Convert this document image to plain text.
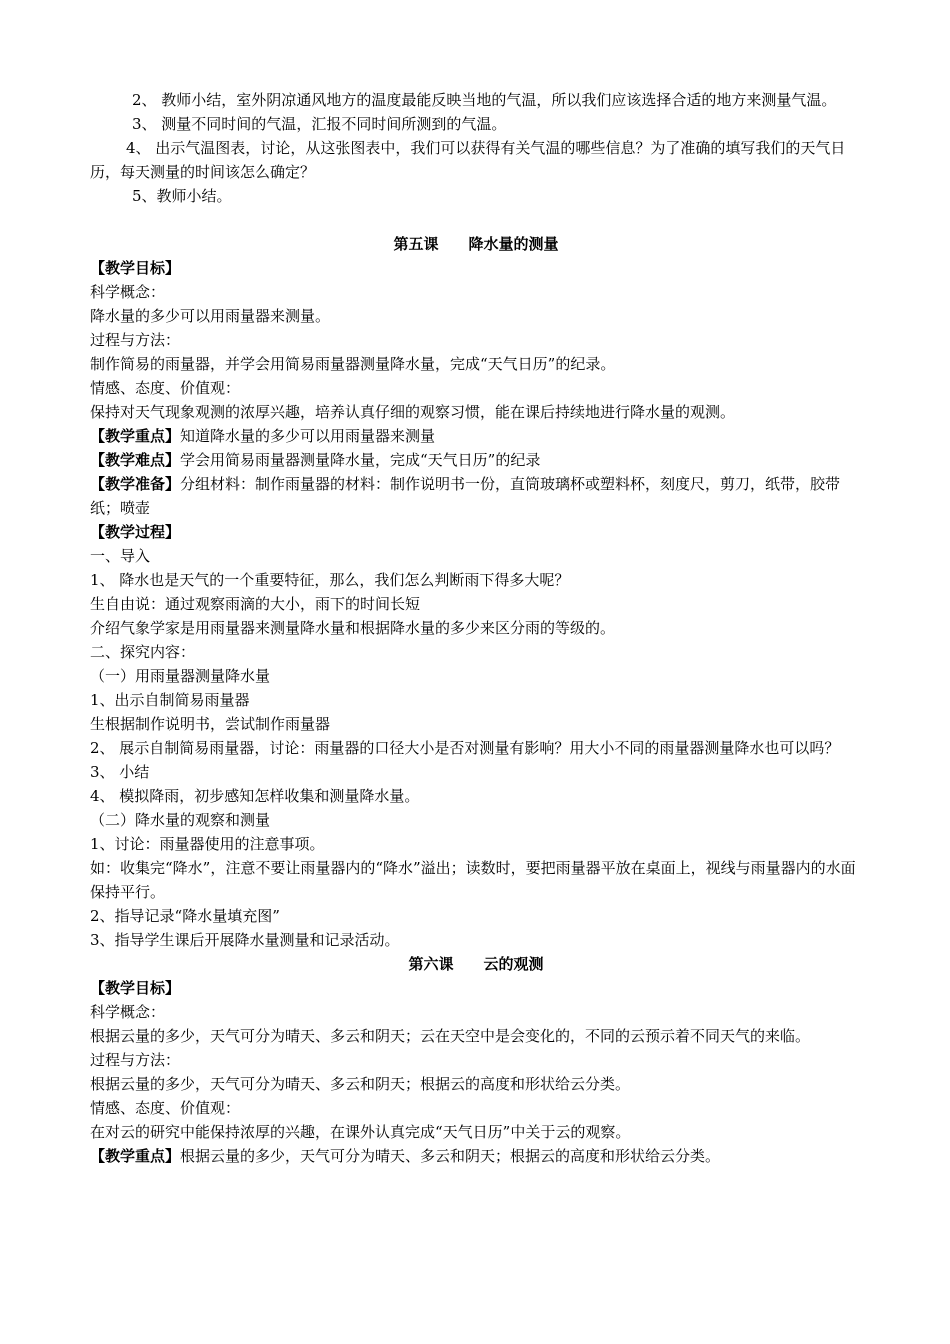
2、 教师小结，室外阴凉通风地方的温度最能反映当地的气温，所以我们应该选择合适的地方来测量气温。

3、 测量不同时间的气温，汇报不同时间所测到的气温。

4、 出示气温图表，讨论，从这张图表中，我们可以获得有关气温的哪些信息？为了准确的填写我们的天气日历，每天测量的时间该怎么确定？

5、教师小结。

第五课　　降水量的测量

【教学目标】

科学概念：

降水量的多少可以用雨量器来测量。

过程与方法：

制作简易的雨量器，并学会用简易雨量器测量降水量，完成“天气日历”的纪录。

情感、态度、价值观：

保持对天气现象观测的浓厚兴趣，培养认真仔细的观察习惯，能在课后持续地进行降水量的观测。

【教学重点】知道降水量的多少可以用雨量器来测量

【教学难点】学会用简易雨量器测量降水量，完成“天气日历”的纪录

【教学准备】分组材料：制作雨量器的材料：制作说明书一份，直筒玻璃杯或塑料杯，刻度尺，剪刀，纸带，胶带纸；喷壶

【教学过程】

一、导入

1、 降水也是天气的一个重要特征，那么，我们怎么判断雨下得多大呢？

生自由说：通过观察雨滴的大小，雨下的时间长短

介绍气象学家是用雨量器来测量降水量和根据降水量的多少来区分雨的等级的。

二、探究内容：

（一）用雨量器测量降水量

1、出示自制简易雨量器

生根据制作说明书，尝试制作雨量器

2、 展示自制简易雨量器，讨论：雨量器的口径大小是否对测量有影响？用大小不同的雨量器测量降水也可以吗？

3、 小结

4、 模拟降雨，初步感知怎样收集和测量降水量。

（二）降水量的观察和测量

1、讨论：雨量器使用的注意事项。

如：收集完“降水”，注意不要让雨量器内的“降水”溢出；读数时，要把雨量器平放在桌面上，视线与雨量器内的水面保持平行。

2、指导记录“降水量填充图”

3、指导学生课后开展降水量测量和记录活动。

第六课　　云的观测

【教学目标】

科学概念：

根据云量的多少，天气可分为晴天、多云和阴天；云在天空中是会变化的，不同的云预示着不同天气的来临。

过程与方法：

根据云量的多少，天气可分为晴天、多云和阴天；根据云的高度和形状给云分类。

情感、态度、价值观：

在对云的研究中能保持浓厚的兴趣，在课外认真完成“天气日历”中关于云的观察。

【教学重点】根据云量的多少，天气可分为晴天、多云和阴天；根据云的高度和形状给云分类。
